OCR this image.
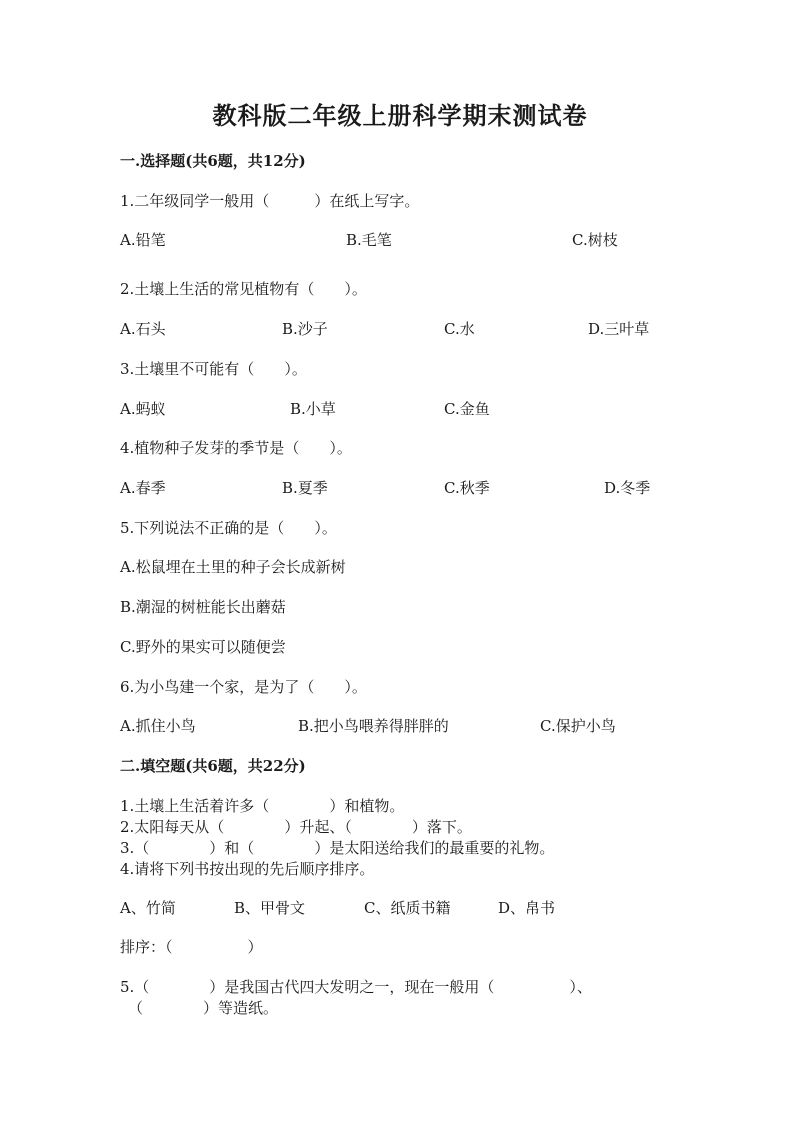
教科版二年级上册科学期末测试卷
一.选择题(共6题，共12分)
1.二年级同学一般用（　　　）在纸上写字。
A.铅笔	B.毛笔	C.树枝
2.土壤上生活的常见植物有（　　）。
A.石头	B.沙子	C.水	D.三叶草
3.土壤里不可能有（　　）。
A.蚂蚁	B.小草	C.金鱼
4.植物种子发芽的季节是（　　）。
A.春季	B.夏季	C.秋季	D.冬季
5.下列说法不正确的是（　　）。
A.松鼠埋在土里的种子会长成新树
B.潮湿的树桩能长出蘑菇
C.野外的果实可以随便尝
6.为小鸟建一个家，是为了（　　）。
A.抓住小鸟	B.把小鸟喂养得胖胖的	C.保护小鸟
二.填空题(共6题，共22分)
1.土壤上生活着许多（　　　　）和植物。
2.太阳每天从（　　　　）升起、（　　　　）落下。
3.（　　　　）和（　　　　）是太阳送给我们的最重要的礼物。
4.请将下列书按出现的先后顺序排序。
A、竹简	B、甲骨文	C、纸质书籍	D、帛书
排序：（　　　　　）
5.（　　　　）是我国古代四大发明之一，现在一般用（　　　　　）、
（　　　　）等造纸。
